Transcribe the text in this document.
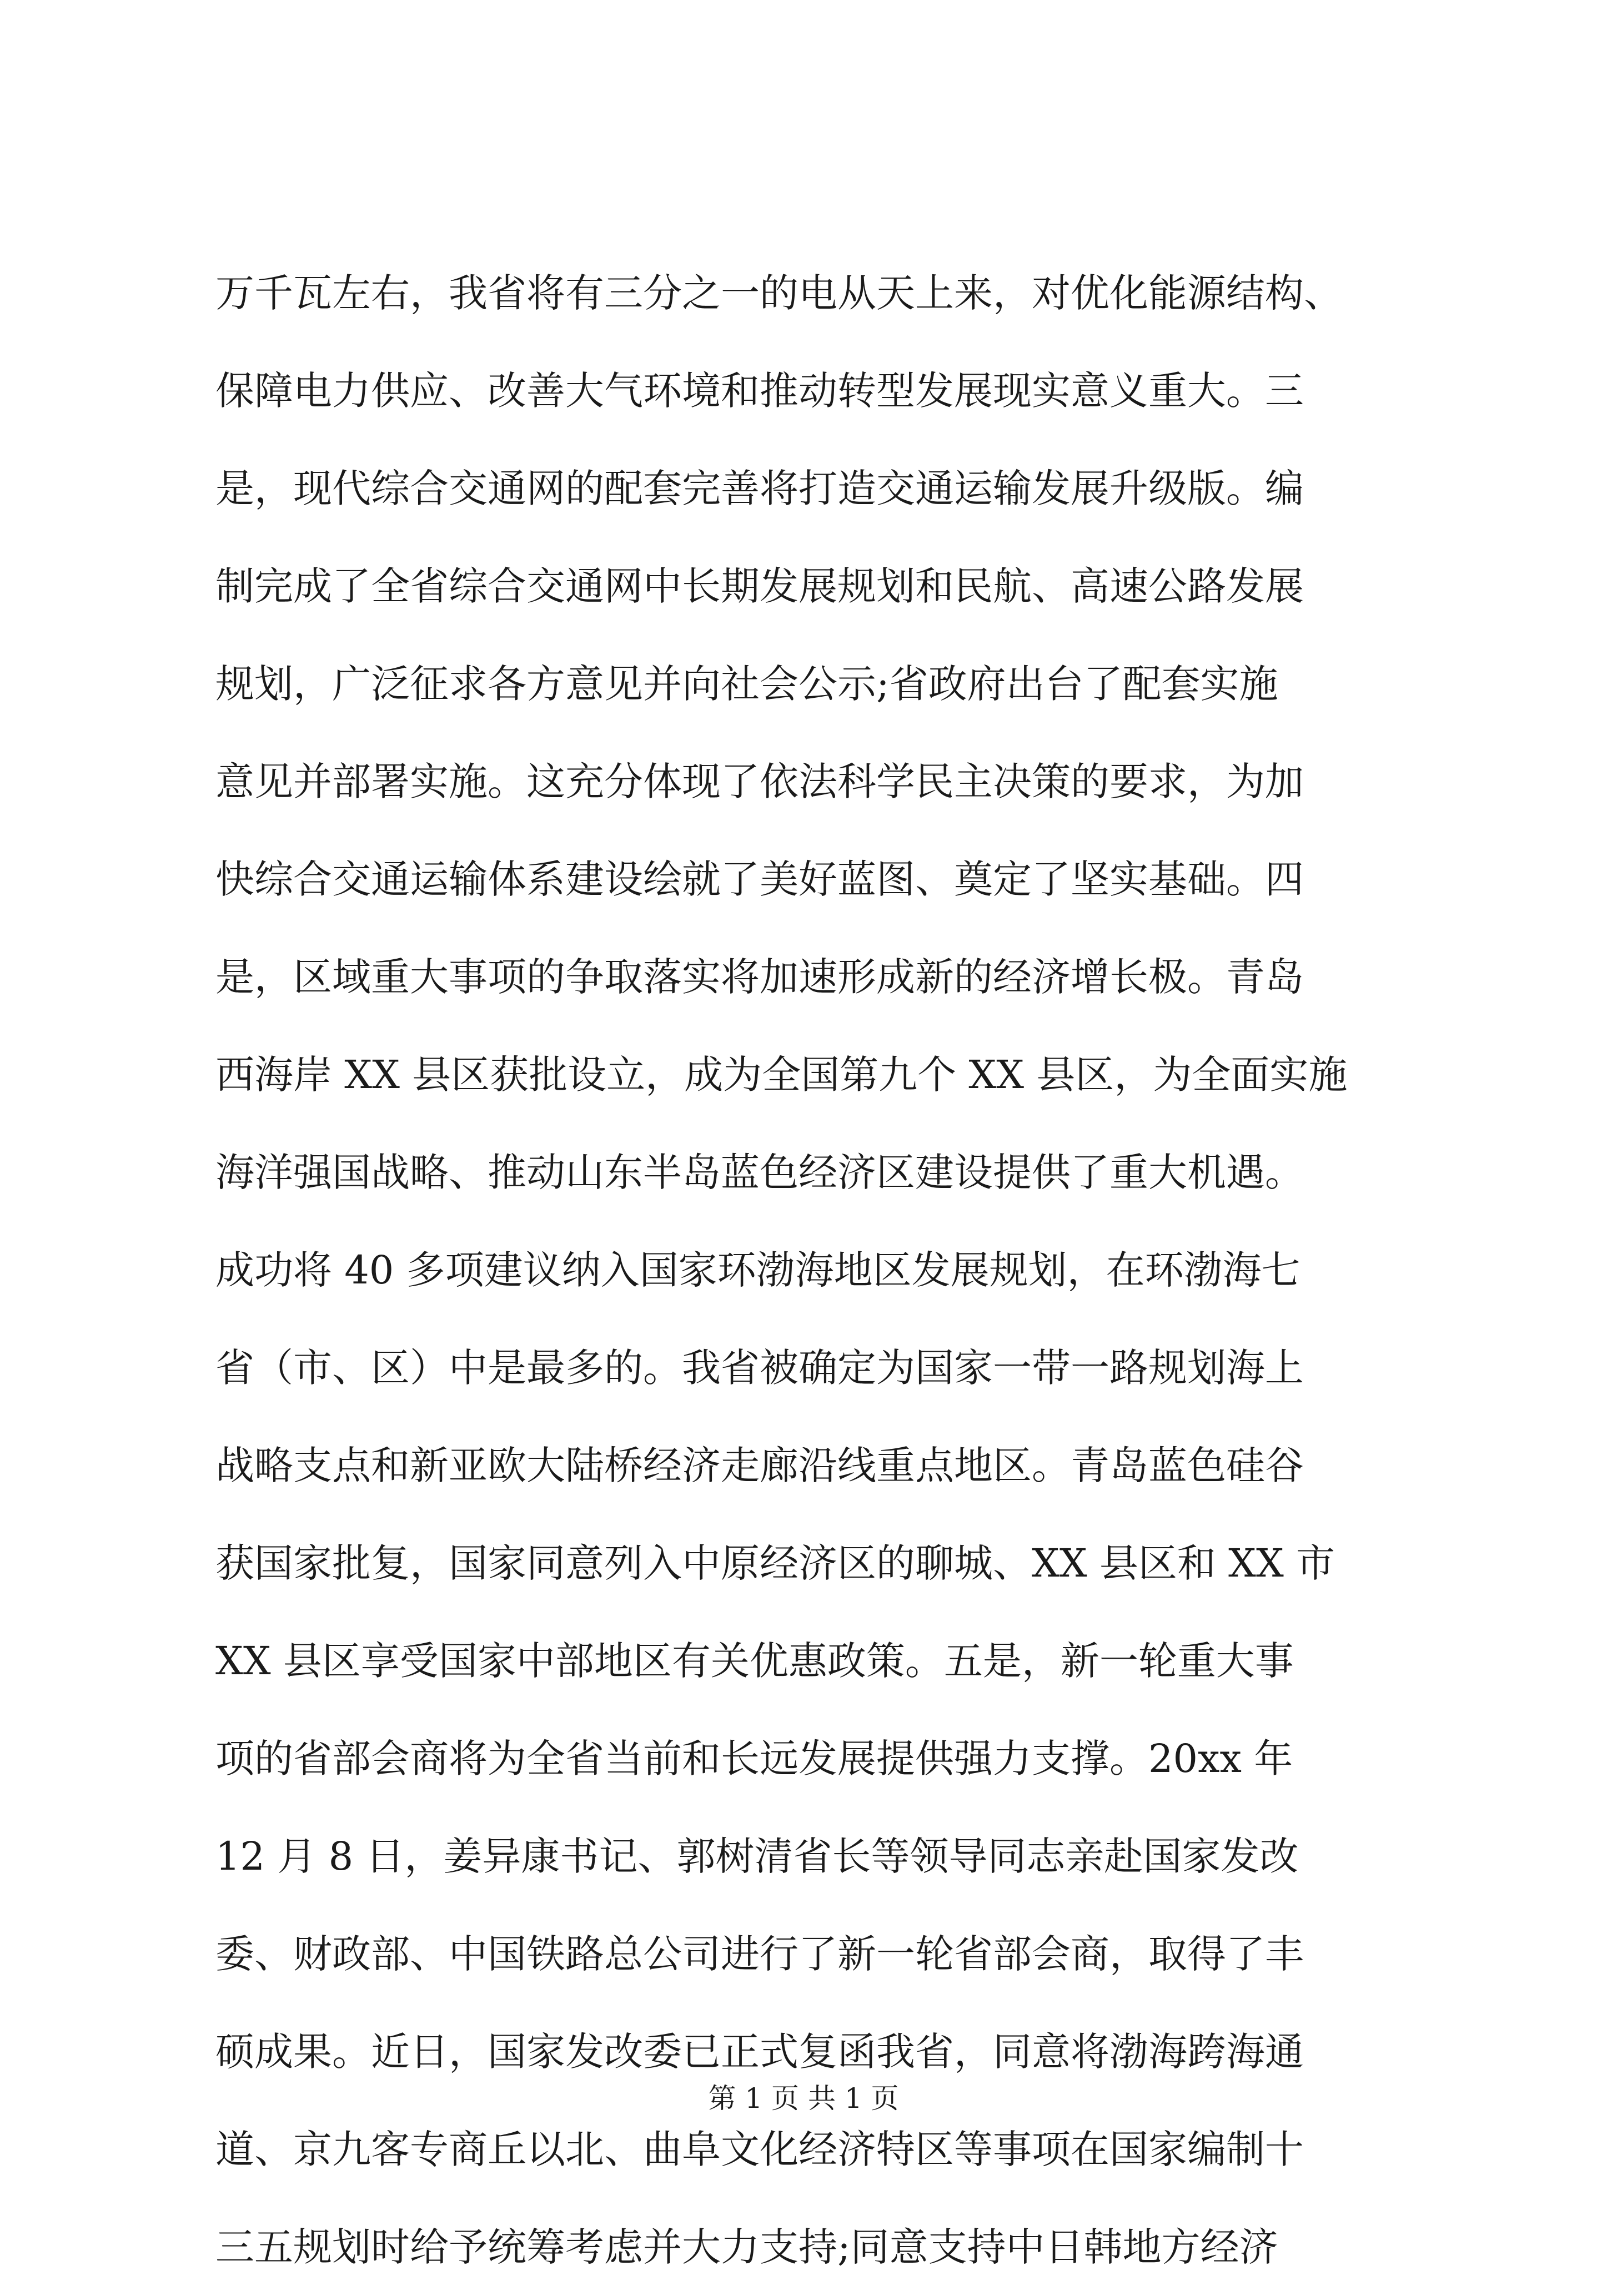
万千瓦左右，我省将有三分之一的电从天上来，对优化能源结构、
保障电力供应、改善大气环境和推动转型发展现实意义重大。三
是，现代综合交通网的配套完善将打造交通运输发展升级版。编
制完成了全省综合交通网中长期发展规划和民航、高速公路发展
规划，广泛征求各方意见并向社会公示;省政府出台了配套实施
意见并部署实施。这充分体现了依法科学民主决策的要求，为加
快综合交通运输体系建设绘就了美好蓝图、奠定了坚实基础。四
是，区域重大事项的争取落实将加速形成新的经济增长极。青岛
西海岸 XX 县区获批设立，成为全国第九个 XX 县区，为全面实施
海洋强国战略、推动山东半岛蓝色经济区建设提供了重大机遇。
成功将 40 多项建议纳入国家环渤海地区发展规划，在环渤海七
省（市、区）中是最多的。我省被确定为国家一带一路规划海上
战略支点和新亚欧大陆桥经济走廊沿线重点地区。青岛蓝色硅谷
获国家批复，国家同意列入中原经济区的聊城、XX 县区和 XX 市
XX 县区享受国家中部地区有关优惠政策。五是，新一轮重大事
项的省部会商将为全省当前和长远发展提供强力支撑。20xx 年
12 月 8 日，姜异康书记、郭树清省长等领导同志亲赴国家发改
委、财政部、中国铁路总公司进行了新一轮省部会商，取得了丰
硕成果。近日，国家发改委已正式复函我省，同意将渤海跨海通
道、京九客专商丘以北、曲阜文化经济特区等事项在国家编制十
三五规划时给予统筹考虑并大力支持;同意支持中日韩地方经济
第 1 页 共 1 页
